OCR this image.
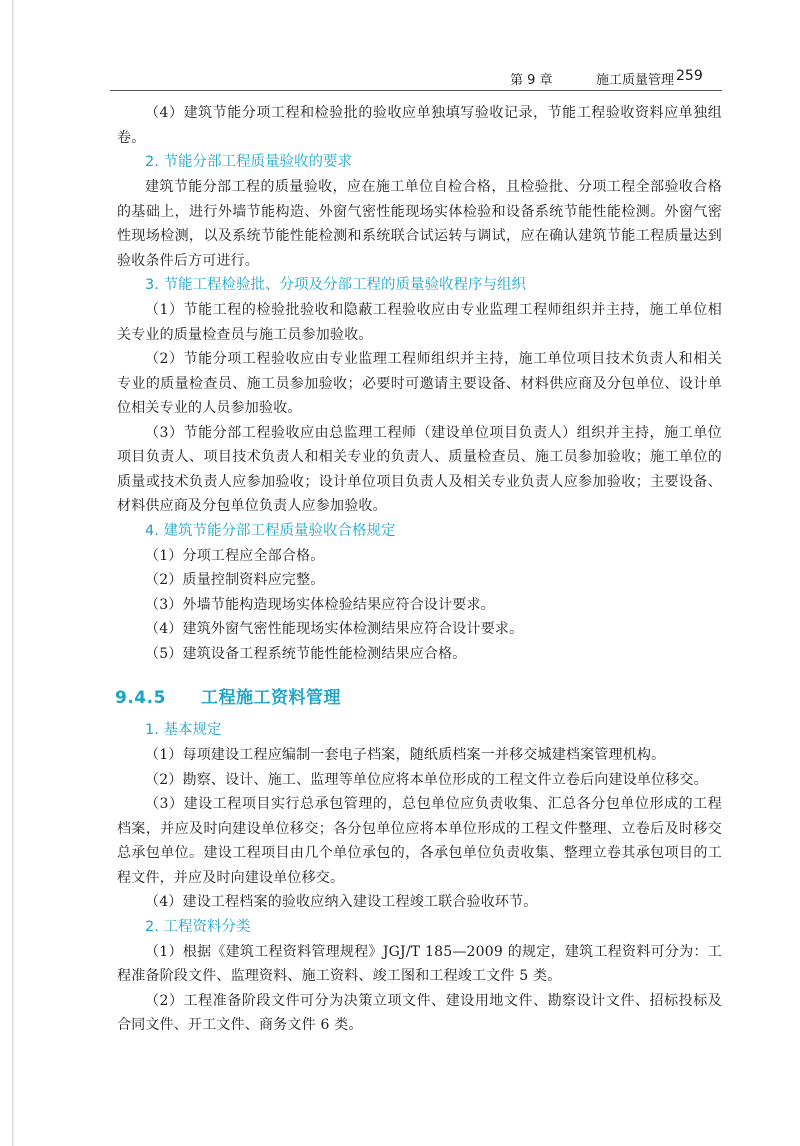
第 9 章	施工质量管理 259

（4）建筑节能分项工程和检验批的验收应单独填写验收记录，节能工程验收资料应单独组卷。

2. 节能分部工程质量验收的要求

建筑节能分部工程的质量验收，应在施工单位自检合格，且检验批、分项工程全部验收合格的基础上，进行外墙节能构造、外窗气密性能现场实体检验和设备系统节能性能检测。外窗气密性现场检测，以及系统节能性能检测和系统联合试运转与调试，应在确认建筑节能工程质量达到验收条件后方可进行。

3. 节能工程检验批、分项及分部工程的质量验收程序与组织

（1）节能工程的检验批验收和隐蔽工程验收应由专业监理工程师组织并主持，施工单位相关专业的质量检查员与施工员参加验收。

（2）节能分项工程验收应由专业监理工程师组织并主持，施工单位项目技术负责人和相关专业的质量检查员、施工员参加验收；必要时可邀请主要设备、材料供应商及分包单位、设计单位相关专业的人员参加验收。

（3）节能分部工程验收应由总监理工程师（建设单位项目负责人）组织并主持，施工单位项目负责人、项目技术负责人和相关专业的负责人、质量检查员、施工员参加验收；施工单位的质量或技术负责人应参加验收；设计单位项目负责人及相关专业负责人应参加验收；主要设备、材料供应商及分包单位负责人应参加验收。

4. 建筑节能分部工程质量验收合格规定

（1）分项工程应全部合格。

（2）质量控制资料应完整。

（3）外墙节能构造现场实体检验结果应符合设计要求。

（4）建筑外窗气密性能现场实体检测结果应符合设计要求。

（5）建筑设备工程系统节能性能检测结果应合格。

9.4.5 工程施工资料管理
1. 基本规定

（1）每项建设工程应编制一套电子档案，随纸质档案一并移交城建档案管理机构。

（2）勘察、设计、施工、监理等单位应将本单位形成的工程文件立卷后向建设单位移交。

（3）建设工程项目实行总承包管理的，总包单位应负责收集、汇总各分包单位形成的工程档案，并应及时向建设单位移交；各分包单位应将本单位形成的工程文件整理、立卷后及时移交总承包单位。建设工程项目由几个单位承包的，各承包单位负责收集、整理立卷其承包项目的工程文件，并应及时向建设单位移交。

（4）建设工程档案的验收应纳入建设工程竣工联合验收环节。

2. 工程资料分类

（1）根据《建筑工程资料管理规程》JGJ/T 185—2009 的规定，建筑工程资料可分为：工程准备阶段文件、监理资料、施工资料、竣工图和工程竣工文件 5 类。

（2）工程准备阶段文件可分为决策立项文件、建设用地文件、勘察设计文件、招标投标及合同文件、开工文件、商务文件 6 类。
